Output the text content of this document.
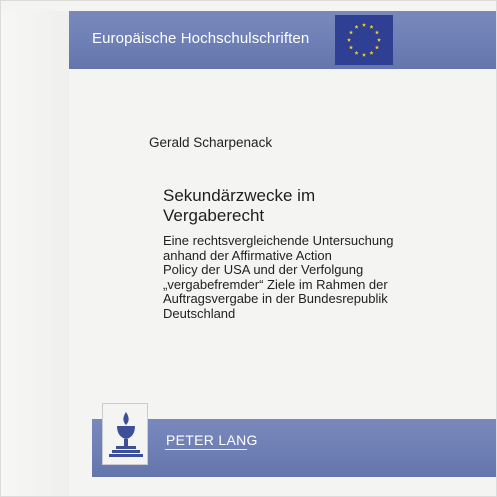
Europäische Hochschulschriften
Gerald Scharpenack
Sekundärzwecke im
Vergaberecht
Eine rechtsvergleichende Untersuchung
anhand der Affirmative Action
Policy der USA und der Verfolgung
„vergabefremder“ Ziele im Rahmen der
Auftragsvergabe in der Bundesrepublik
Deutschland
PETER LANG
